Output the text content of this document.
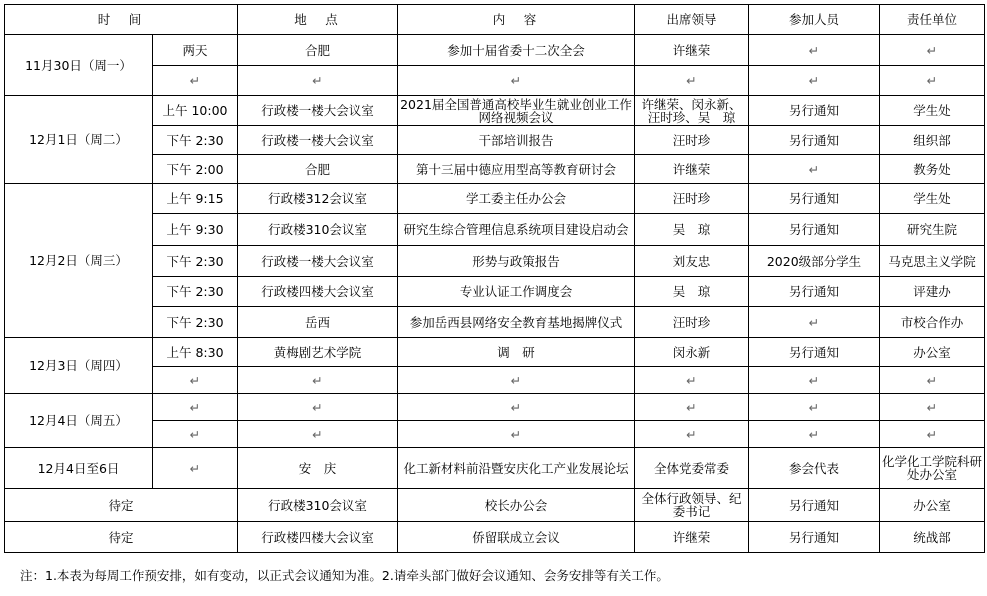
时　间		地　点	内　容	出席领导	参加人员	责任单位
11月30日（周一）	两天	合肥	参加十届省委十二次全会	许继荣	↵	↵
	↵	↵	↵	↵	↵	↵
12月1日（周二）	上午 10:00	行政楼一楼大会议室	2021届全国普通高校毕业生就业创业工作网络视频会议	许继荣、闵永新、汪时珍、吴　琼	另行通知	学生处
	下午 2:30	行政楼一楼大会议室	干部培训报告	汪时珍	另行通知	组织部
	下午 2:00	合肥	第十三届中德应用型高等教育研讨会	许继荣	↵	教务处
12月2日（周三）	上午 9:15	行政楼312会议室	学工委主任办公会	汪时珍	另行通知	学生处
	上午 9:30	行政楼310会议室	研究生综合管理信息系统项目建设启动会	吴　琼	另行通知	研究生院
	下午 2:30	行政楼一楼大会议室	形势与政策报告	刘友忠	2020级部分学生	马克思主义学院
	下午 2:30	行政楼四楼大会议室	专业认证工作调度会	吴　琼	另行通知	评建办
	下午 2:30	岳西	参加岳西县网络安全教育基地揭牌仪式	汪时珍	↵	市校合作办
12月3日（周四）	上午 8:30	黄梅剧艺术学院	调　研	闵永新	另行通知	办公室
	↵	↵	↵	↵	↵	↵
12月4日（周五）	↵	↵	↵	↵	↵	↵
	↵	↵	↵	↵	↵	↵
12月4日至6日	↵	安　庆	化工新材料前沿暨安庆化工产业发展论坛	全体党委常委	参会代表	化学化工学院科研处办公室
待定		行政楼310会议室	校长办公会	全体行政领导、纪委书记	另行通知	办公室
待定		行政楼四楼大会议室	侨留联成立会议	许继荣	另行通知	统战部
注：1.本表为每周工作预安排，如有变动，以正式会议通知为准。2.请牵头部门做好会议通知、会务安排等有关工作。
